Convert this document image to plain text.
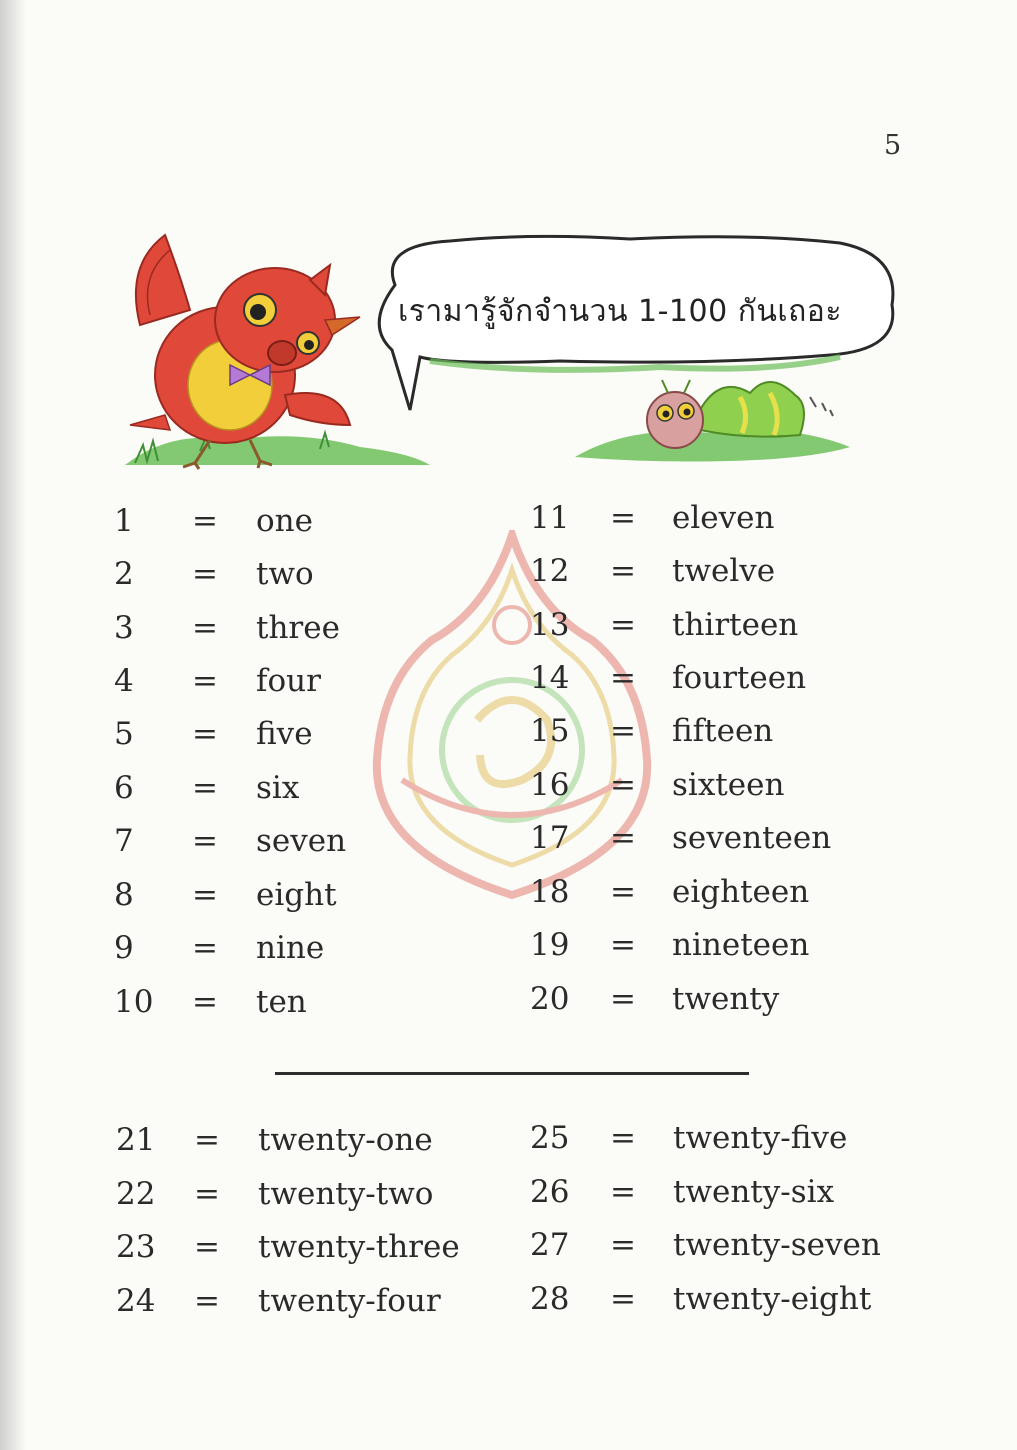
5
เรามารู้จักจำนวน 1-100 กันเถอะ
1 = one
2 = two
3 = three
4 = four
5 = five
6 = six
7 = seven
8 = eight
9 = nine
10 = ten
11 = eleven
12 = twelve
13 = thirteen
14 = fourteen
15 = fifteen
16 = sixteen
17 = seventeen
18 = eighteen
19 = nineteen
20 = twenty
21 = twenty-one
22 = twenty-two
23 = twenty-three
24 = twenty-four
25 = twenty-five
26 = twenty-six
27 = twenty-seven
28 = twenty-eight
